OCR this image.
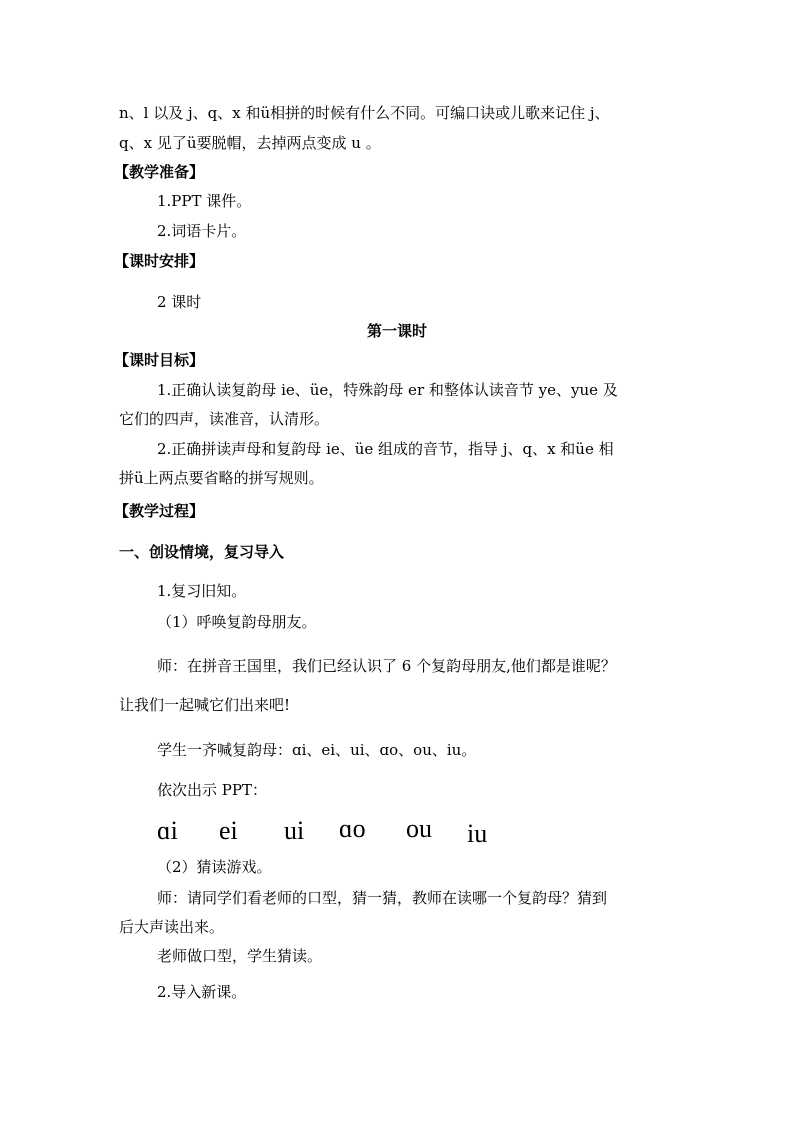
n、l 以及 j、q、x 和ü相拼的时候有什么不同。可编口诀或儿歌来记住 j、
q、x 见了ü要脱帽，去掉两点变成 u 。
【教学准备】
1.PPT 课件。
2.词语卡片。
【课时安排】
2 课时
第一课时
【课时目标】
1.正确认读复韵母 ie、üe，特殊韵母 er 和整体认读音节 ye、yue 及
它们的四声，读准音，认清形。
2.正确拼读声母和复韵母 ie、üe 组成的音节，指导 j、q、x 和üe 相
拼ü上两点要省略的拼写规则。
【教学过程】
一、创设情境，复习导入
1.复习旧知。
（1）呼唤复韵母朋友。
师：在拼音王国里，我们已经认识了 6 个复韵母朋友,他们都是谁呢？
让我们一起喊它们出来吧!
学生一齐喊复韵母：ɑi、ei、ui、ɑo、ou、iu。
依次出示 PPT：
ɑi ei ui ɑo ou iu
（2）猜读游戏。
师：请同学们看老师的口型，猜一猜，教师在读哪一个复韵母？猜到
后大声读出来。
老师做口型，学生猜读。
2.导入新课。
